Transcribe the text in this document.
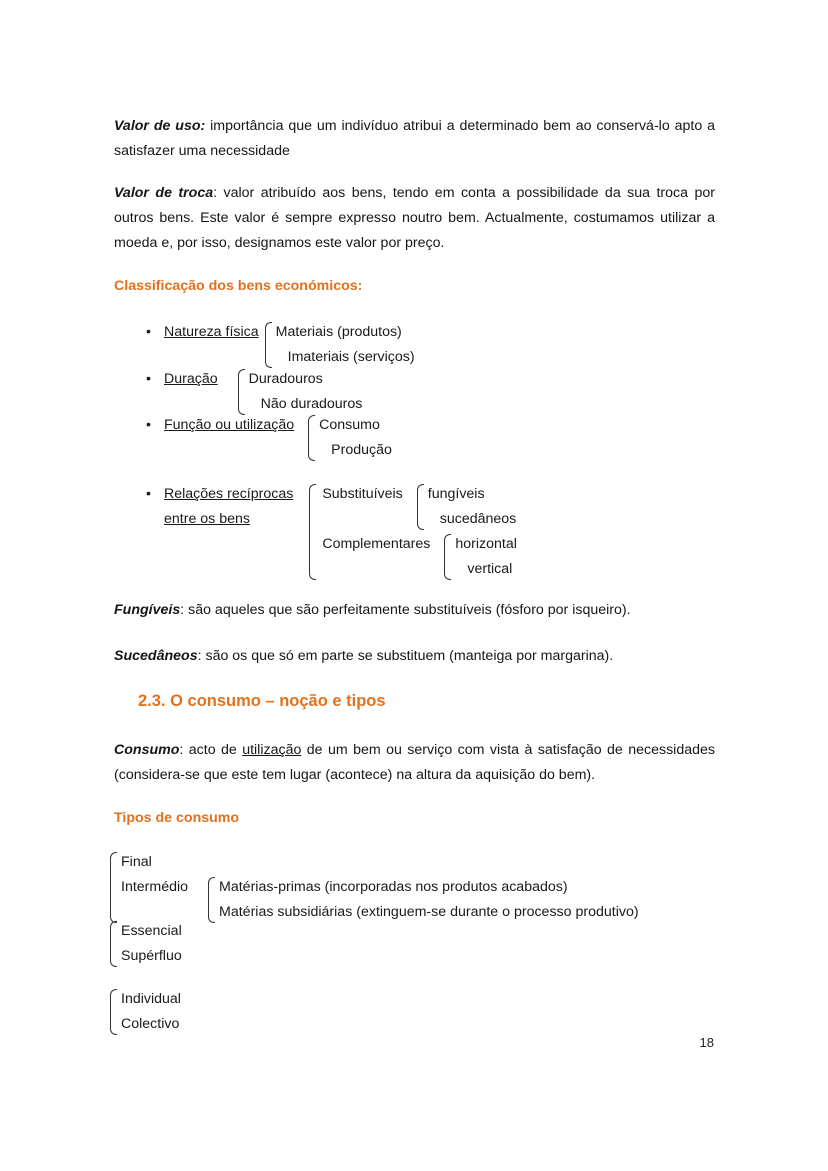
Valor de uso: importância que um indivíduo atribui a determinado bem ao conservá-lo apto a satisfazer uma necessidade

Valor de troca: valor atribuído aos bens, tendo em conta a possibilidade da sua troca por outros bens. Este valor é sempre expresso noutro bem. Actualmente, costumamos utilizar a moeda e, por isso, designamos este valor por preço.

Classificação dos bens económicos:

• Natureza física Materiais (produtos)
Imateriais (serviços)
• Duração Duradouros
Não duradouros
• Função ou utilização Consumo
Produção
• Relações recíprocas
entre os bens
Substituíveis fungíveis
sucedâneos
Complementares horizontal
vertical

Fungíveis: são aqueles que são perfeitamente substituíveis (fósforo por isqueiro).

Sucedâneos: são os que só em parte se substituem (manteiga por margarina).

2.3. O consumo – noção e tipos

Consumo: acto de utilização de um bem ou serviço com vista à satisfação de necessidades (considera-se que este tem lugar (acontece) na altura da aquisição do bem).

Tipos de consumo

Final
Intermédio Matérias-primas (incorporadas nos produtos acabados)
Matérias subsidiárias (extinguem-se durante o processo produtivo)
Essencial
Supérfluo
Individual
Colectivo
18
